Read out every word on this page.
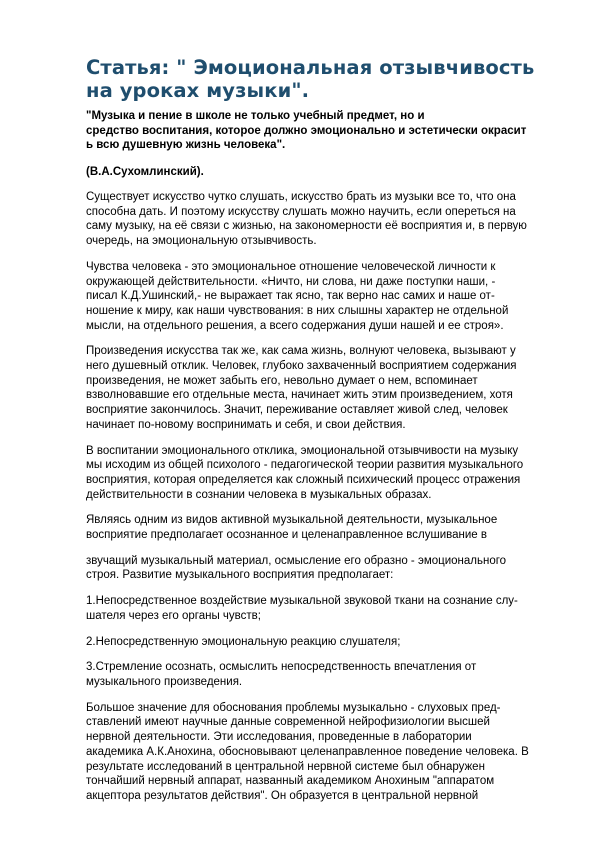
Статья: " Эмоциональная отзывчивость
на уроках музыки".
"Музыка и пение в школе не только учебный предмет, но и
средство воспитания, которое должно эмоционально и эстетически окрасит
ь всю душевную жизнь человека".

(В.А.Сухомлинский).

Существует искусство чутко слушать, искусство брать из музыки все то, что она
способна дать. И поэтому искусству слушать можно научить, если опереться на
саму музыку, на её связи с жизнью, на закономерности её восприятия и, в первую
очередь, на эмоциональную отзывчивость.
Чувства человека - это эмоциональное отношение человеческой личности к
окружающей действительности. «Ничто, ни слова, ни даже поступки наши, -
писал К.Д.Ушинский,- не выражает так ясно, так верно нас самих и наше от-
ношение к миру, как наши чувствования: в них слышны характер не отдельной
мысли, на отдельного решения, а всего содержания души нашей и ее строя».
Произведения искусства так же, как сама жизнь, волнуют человека, вызывают у
него душевный отклик. Человек, глубоко захваченный восприятием содержания
произведения, не может забыть его, невольно думает о нем, вспоминает
взволновавшие его отдельные места, начинает жить этим произведением, хотя
восприятие закончилось. Значит, переживание оставляет живой след, человек
начинает по-новому воспринимать и себя, и свои действия.
В воспитании эмоционального отклика, эмоциональной отзывчивости на музыку
мы исходим из общей психолого - педагогической теории развития музыкального
восприятия, которая определяется как сложный психический процесс отражения
действительности в сознании человека в музыкальных образах.
Являясь одним из видов активной музыкальной деятельности, музыкальное
восприятие предполагает осознанное и целенаправленное вслушивание в
звучащий музыкальный материал, осмысление его образно - эмоционального
строя. Развитие музыкального восприятия предполагает:
1.Непосредственное воздействие музыкальной звуковой ткани на сознание слу-
шателя через его органы чувств;
2.Непосредственную эмоциональную реакцию слушателя;
3.Стремление осознать, осмыслить непосредственность впечатления от
музыкального произведения.
Большое значение для обоснования проблемы музыкально - слуховых пред-
ставлений имеют научные данные современной нейрофизиологии высшей
нервной деятельности. Эти исследования, проведенные в лаборатории
академика А.К.Анохина, обосновывают целенаправленное поведение человека. В
результате исследований в центральной нервной системе был обнаружен
тончайший нервный аппарат, названный академиком Анохиным "аппаратом
акцептора результатов действия". Он образуется в центральной нервной
